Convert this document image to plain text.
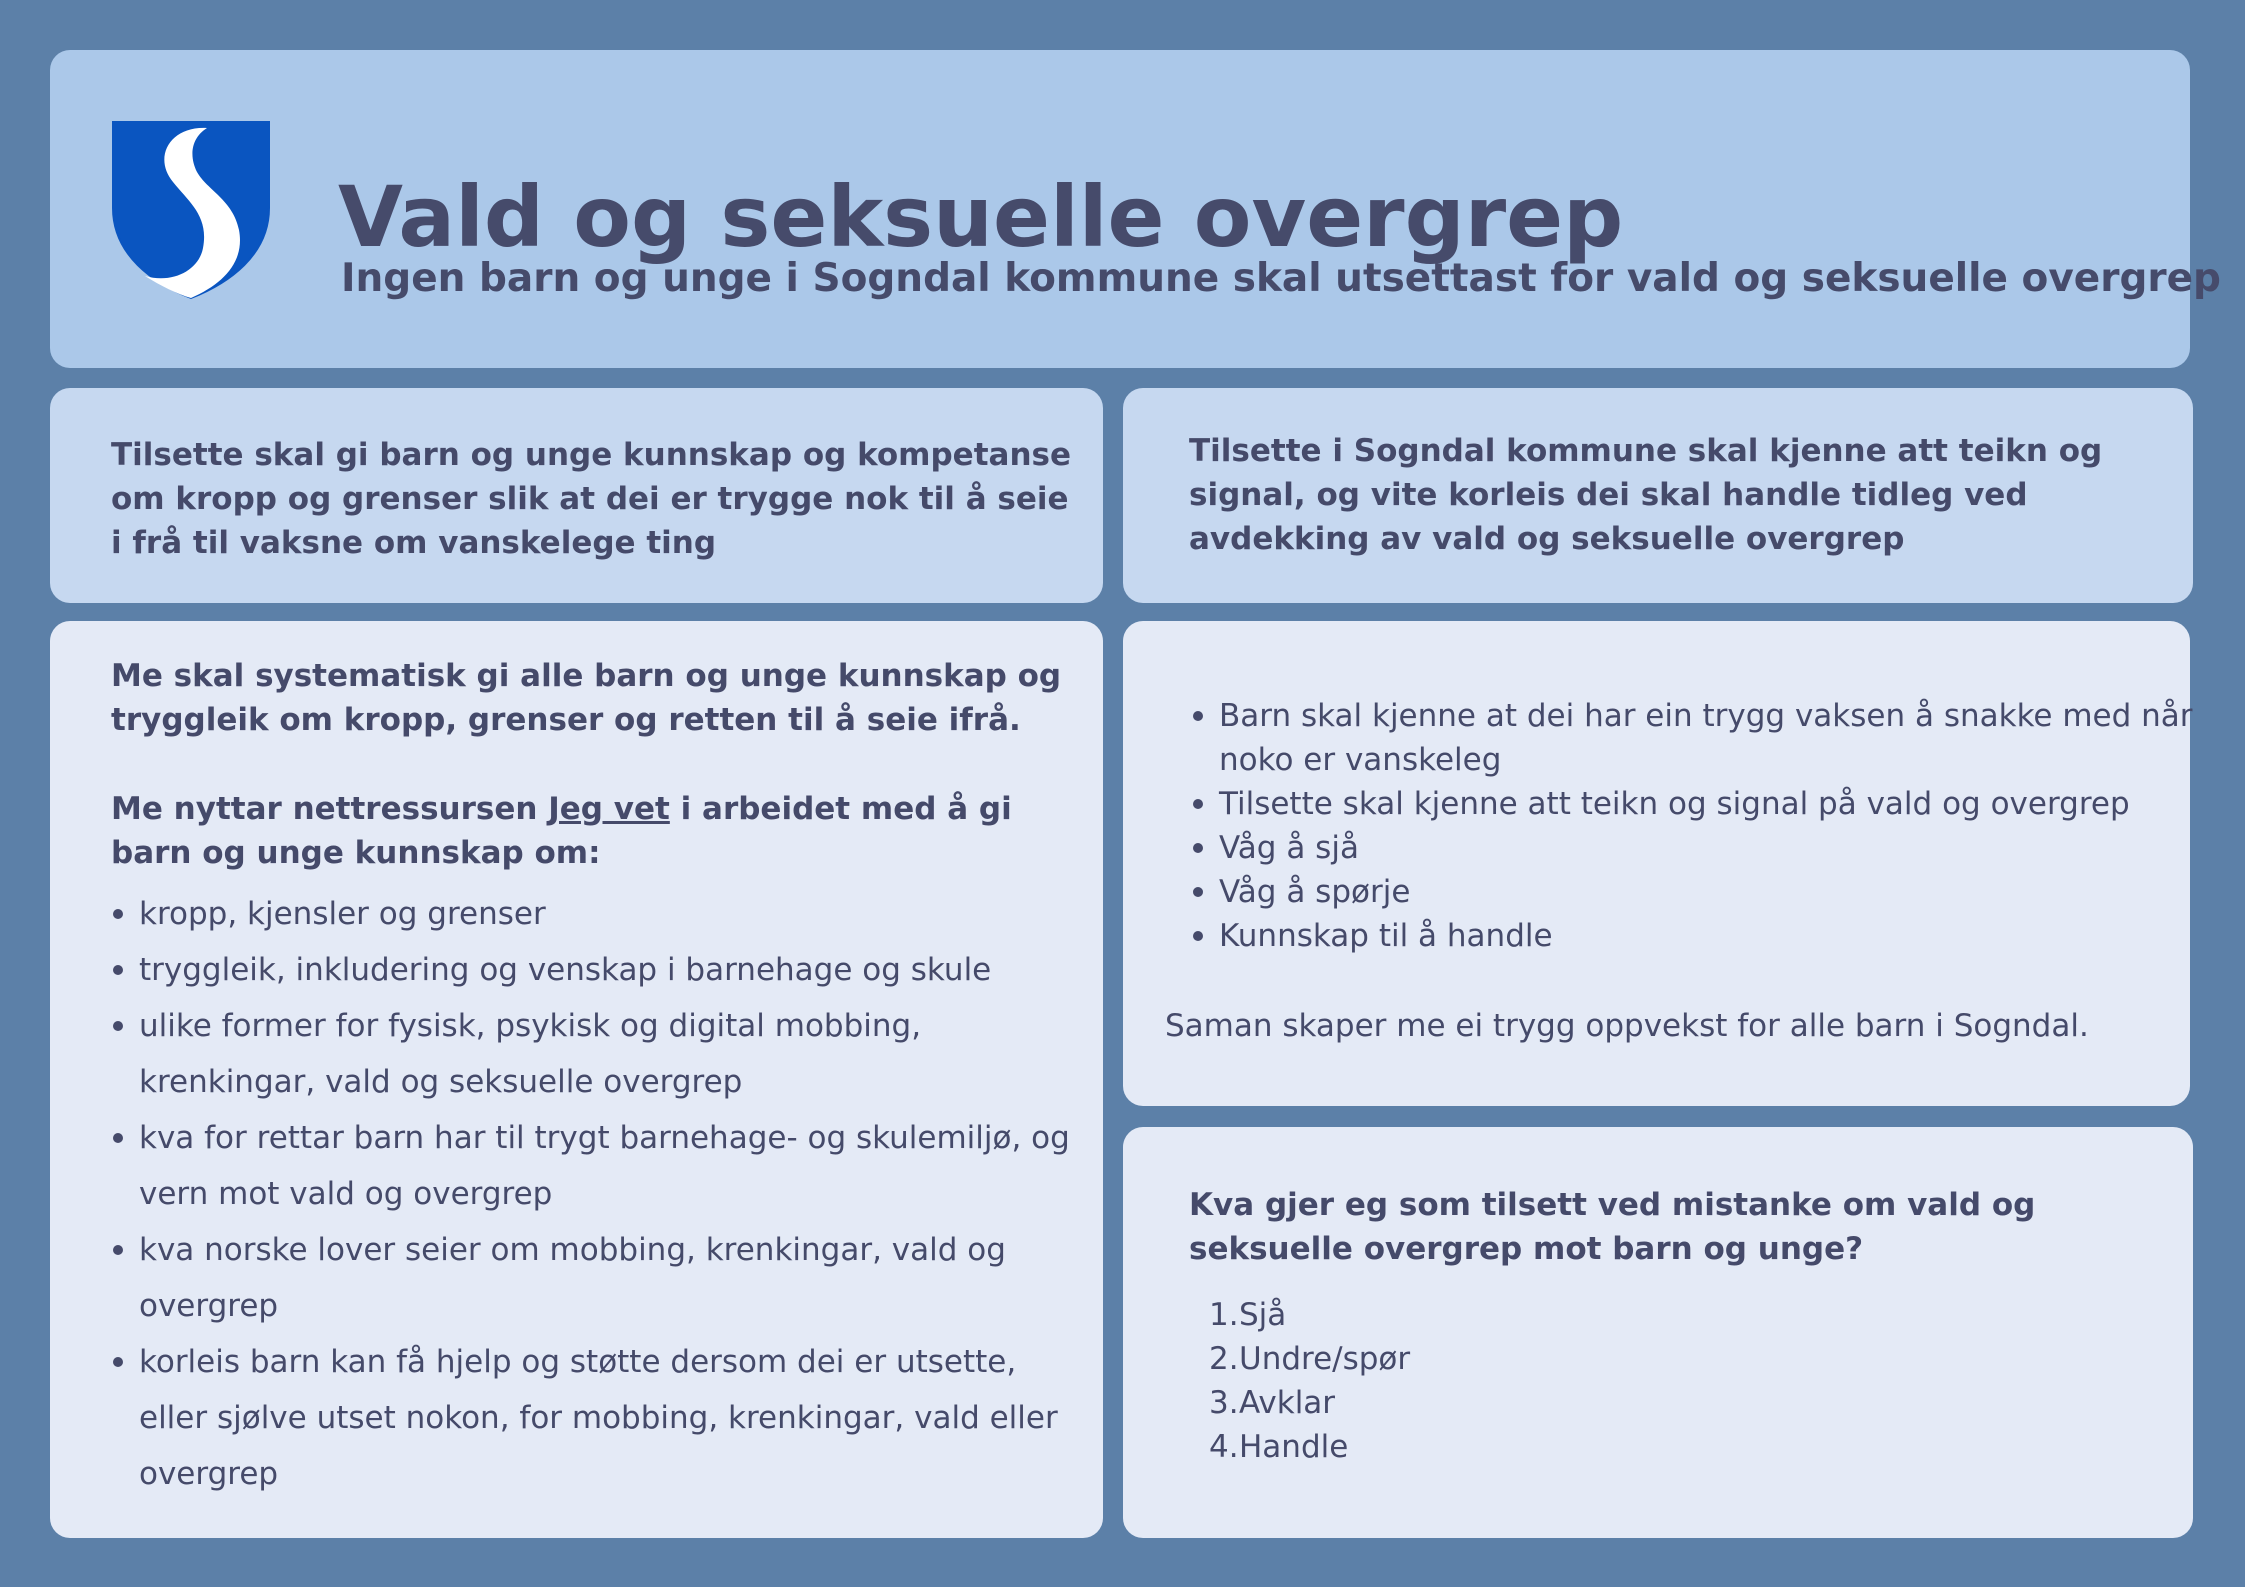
Vald og seksuelle overgrep
Ingen barn og unge i Sogndal kommune skal utsettast for vald og seksuelle overgrep

Tilsette skal gi barn og unge kunnskap og kompetanse om kropp og grenser slik at dei er trygge nok til å seie i frå til vaksne om vanskelege ting

Tilsette i Sogndal kommune skal kjenne att teikn og signal, og vite korleis dei skal handle tidleg ved avdekking av vald og seksuelle overgrep

Me skal systematisk gi alle barn og unge kunnskap og tryggleik om kropp, grenser og retten til å seie ifrå.

Me nyttar nettressursen Jeg vet i arbeidet med å gi barn og unge kunnskap om:

kropp, kjensler og grenser
tryggleik, inkludering og venskap i barnehage og skule
ulike former for fysisk, psykisk og digital mobbing,
krenkingar, vald og seksuelle overgrep
kva for rettar barn har til trygt barnehage- og skulemiljø, og
vern mot vald og overgrep
kva norske lover seier om mobbing, krenkingar, vald og
overgrep
korleis barn kan få hjelp og støtte dersom dei er utsette,
eller sjølve utset nokon, for mobbing, krenkingar, vald eller
overgrep
Barn skal kjenne at dei har ein trygg vaksen å snakke med når
noko er vanskeleg
Tilsette skal kjenne att teikn og signal på vald og overgrep
Våg å sjå
Våg å spørje
Kunnskap til å handle

Saman skaper me ei trygg oppvekst for alle barn i Sogndal.

Kva gjer eg som tilsett ved mistanke om vald og seksuelle overgrep mot barn og unge?

1.Sjå
2.Undre/spør
3.Avklar
4.Handle
